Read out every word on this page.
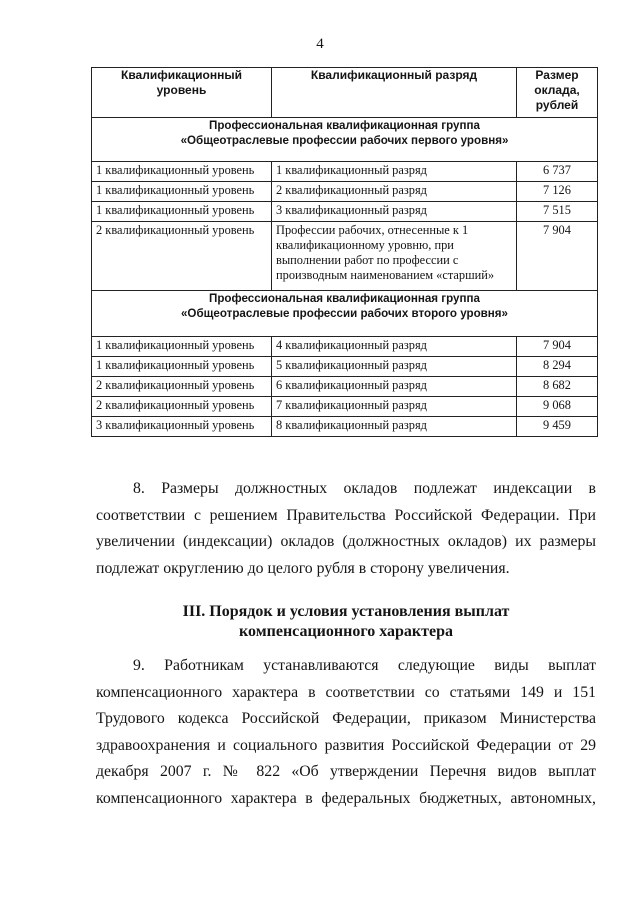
4
Квалификационный уровень	Квалификационный разряд	Размер оклада, рублей

Профессиональная квалификационная группа
«Общеотраслевые профессии рабочих первого уровня»		

1 квалификационный уровень	1 квалификационный разряд	6 737
1 квалификационный уровень	2 квалификационный разряд	7 126
1 квалификационный уровень	3 квалификационный разряд	7 515
2 квалификационный уровень	Профессии рабочих, отнесенные к 1 квалификационному уровню, при выполнении работ по профессии с производным наименованием «старший»	7 904

Профессиональная квалификационная группа
«Общеотраслевые профессии рабочих второго уровня»		

1 квалификационный уровень	4 квалификационный разряд	7 904
1 квалификационный уровень	5 квалификационный разряд	8 294
2 квалификационный уровень	6 квалификационный разряд	8 682
2 квалификационный уровень	7 квалификационный разряд	9 068
3 квалификационный уровень	8 квалификационный разряд	9 459

8. Размеры должностных окладов подлежат индексации в соответствии с решением Правительства Российской Федерации. При увеличении (индексации) окладов (должностных окладов) их размеры подлежат округлению до целого рубля в сторону увеличения.

III. Порядок и условия установления выплат
компенсационного характера

9. Работникам устанавливаются следующие виды выплат компенсационного характера в соответствии со статьями 149 и 151 Трудового кодекса Российской Федерации, приказом Министерства здравоохранения и социального развития Российской Федерации от 29 декабря 2007 г. № 822 «Об утверждении Перечня видов выплат компенсационного характера в федеральных бюджетных, автономных,
